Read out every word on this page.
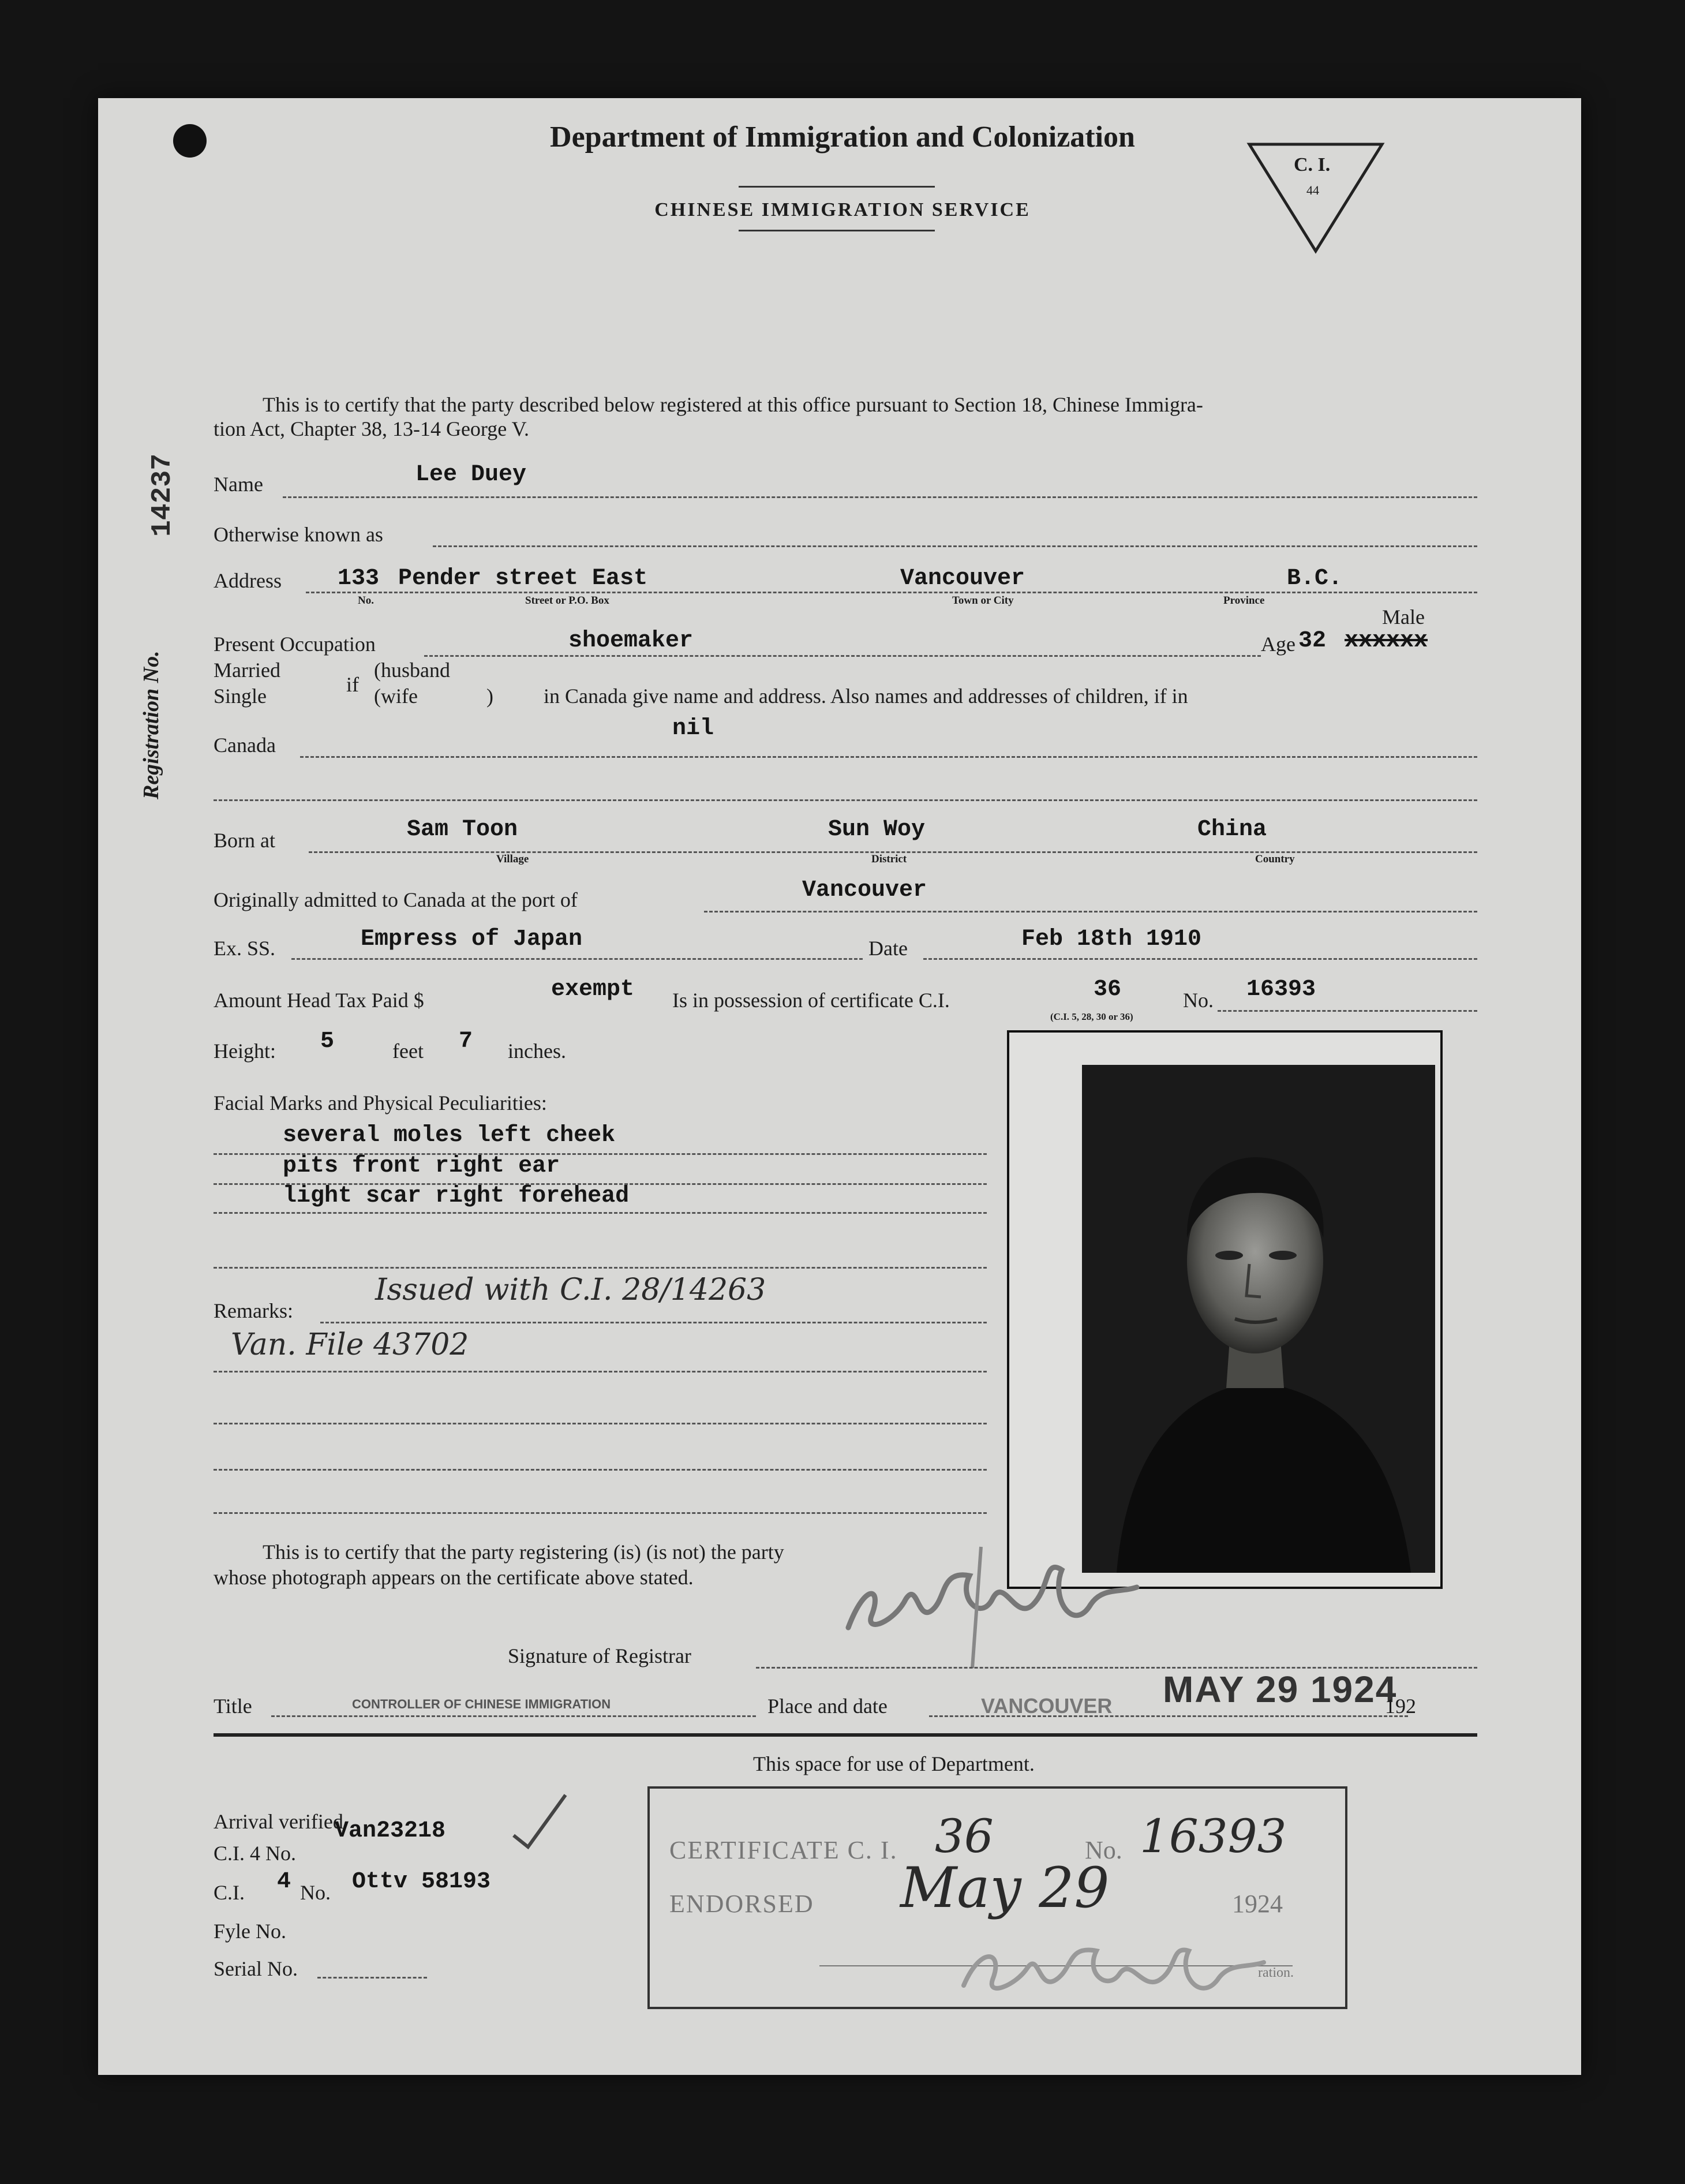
Department of Immigration and Colonization
CHINESE IMMIGRATION SERVICE
C. I.
44
Registration No.
14237
This is to certify that the party described below registered at this office pursuant to Section 18, Chinese Immigra-
tion Act, Chapter 38, 13-14 George V.
Name	Lee Duey
Otherwise known as
Address 133 Pender street East	Vancouver	B.C.
No.	Street or P.O. Box	Town or City	Province
Male
Present Occupation	shoemaker	Age 32 xxxxxx
Married
Single	if
(husband
(wife	) in Canada give name and address. Also names and addresses of children, if in
Canada
nil
Born at	Sam Toon	Sun Woy	China
Village	District	Country
Originally admitted to Canada at the port of	Vancouver
Ex. SS.	Empress of Japan	Date	Feb 18th 1910
Amount Head Tax Paid $	exempt Is in possession of certificate C.I.	36	No. 16393
(C.I. 5, 28, 30 or 36)
Height: 5	feet 7 inches.
Facial Marks and Physical Peculiarities:
several moles left cheek
pits front right ear
light scar right forehead
Remarks:
Issued with C.I. 28/14263
Van. File 43702
This is to certify that the party registering (is) (is not) the party
whose photograph appears on the certificate above stated.
Signature of Registrar
Title	CONTROLLER OF CHINESE IMMIGRATION	Place and date	VANCOUVER MAY 29 1924
192
This space for use of Department.
Arrival verified
C.I. 4 No.
Van23218
C.I. 4 No. Ottv 58193
Fyle No.
Serial No.
CERTIFICATE C. I. 36	No. 16393
ENDORSED May 29	1924
ration.
